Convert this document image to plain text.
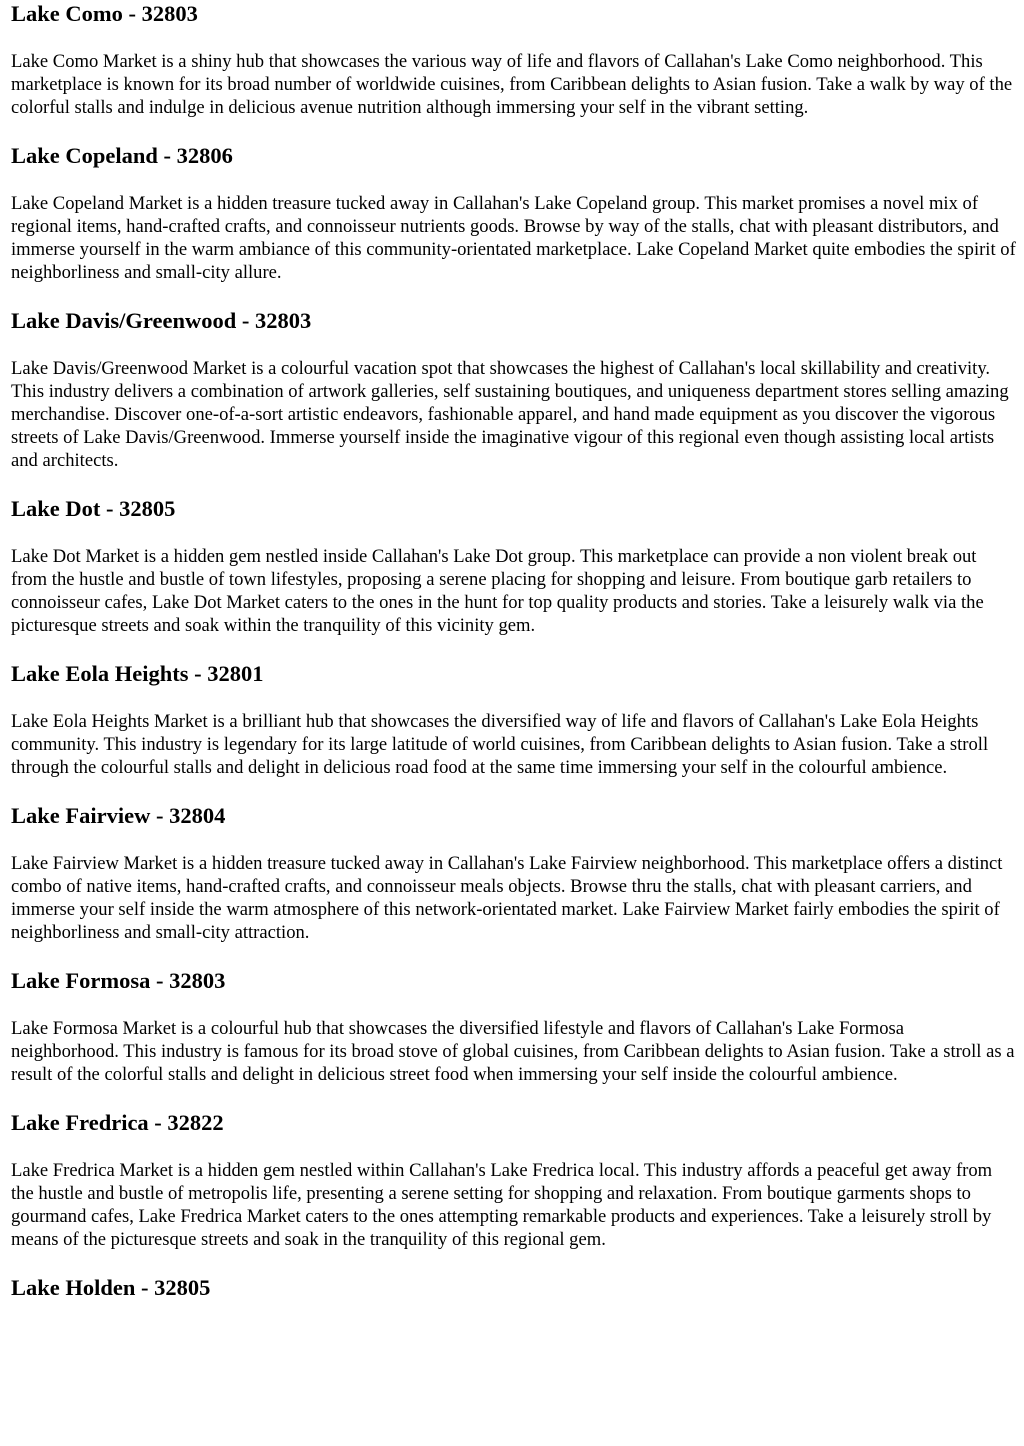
Lake Como - 32803

Lake Como Market is a shiny hub that showcases the various way of life and flavors of Callahan's Lake Como neighborhood. This marketplace is known for its broad number of worldwide cuisines, from Caribbean delights to Asian fusion. Take a walk by way of the colorful stalls and indulge in delicious avenue nutrition although immersing your self in the vibrant setting.

Lake Copeland - 32806

Lake Copeland Market is a hidden treasure tucked away in Callahan's Lake Copeland group. This market promises a novel mix of regional items, hand-crafted crafts, and connoisseur nutrients goods. Browse by way of the stalls, chat with pleasant distributors, and immerse yourself in the warm ambiance of this community-orientated marketplace. Lake Copeland Market quite embodies the spirit of neighborliness and small-city allure.

Lake Davis/Greenwood - 32803

Lake Davis/Greenwood Market is a colourful vacation spot that showcases the highest of Callahan's local skillability and creativity. This industry delivers a combination of artwork galleries, self sustaining boutiques, and uniqueness department stores selling amazing merchandise. Discover one-of-a-sort artistic endeavors, fashionable apparel, and hand made equipment as you discover the vigorous streets of Lake Davis/Greenwood. Immerse yourself inside the imaginative vigour of this regional even though assisting local artists and architects.

Lake Dot - 32805

Lake Dot Market is a hidden gem nestled inside Callahan's Lake Dot group. This marketplace can provide a non violent break out from the hustle and bustle of town lifestyles, proposing a serene placing for shopping and leisure. From boutique garb retailers to connoisseur cafes, Lake Dot Market caters to the ones in the hunt for top quality products and stories. Take a leisurely walk via the picturesque streets and soak within the tranquility of this vicinity gem.

Lake Eola Heights - 32801

Lake Eola Heights Market is a brilliant hub that showcases the diversified way of life and flavors of Callahan's Lake Eola Heights community. This industry is legendary for its large latitude of world cuisines, from Caribbean delights to Asian fusion. Take a stroll through the colourful stalls and delight in delicious road food at the same time immersing your self in the colourful ambience.

Lake Fairview - 32804

Lake Fairview Market is a hidden treasure tucked away in Callahan's Lake Fairview neighborhood. This marketplace offers a distinct combo of native items, hand-crafted crafts, and connoisseur meals objects. Browse thru the stalls, chat with pleasant carriers, and immerse your self inside the warm atmosphere of this network-orientated market. Lake Fairview Market fairly embodies the spirit of neighborliness and small-city attraction.

Lake Formosa - 32803

Lake Formosa Market is a colourful hub that showcases the diversified lifestyle and flavors of Callahan's Lake Formosa neighborhood. This industry is famous for its broad stove of global cuisines, from Caribbean delights to Asian fusion. Take a stroll as a result of the colorful stalls and delight in delicious street food when immersing your self inside the colourful ambience.

Lake Fredrica - 32822

Lake Fredrica Market is a hidden gem nestled within Callahan's Lake Fredrica local. This industry affords a peaceful get away from the hustle and bustle of metropolis life, presenting a serene setting for shopping and relaxation. From boutique garments shops to gourmand cafes, Lake Fredrica Market caters to the ones attempting remarkable products and experiences. Take a leisurely stroll by means of the picturesque streets and soak in the tranquility of this regional gem.

Lake Holden - 32805
